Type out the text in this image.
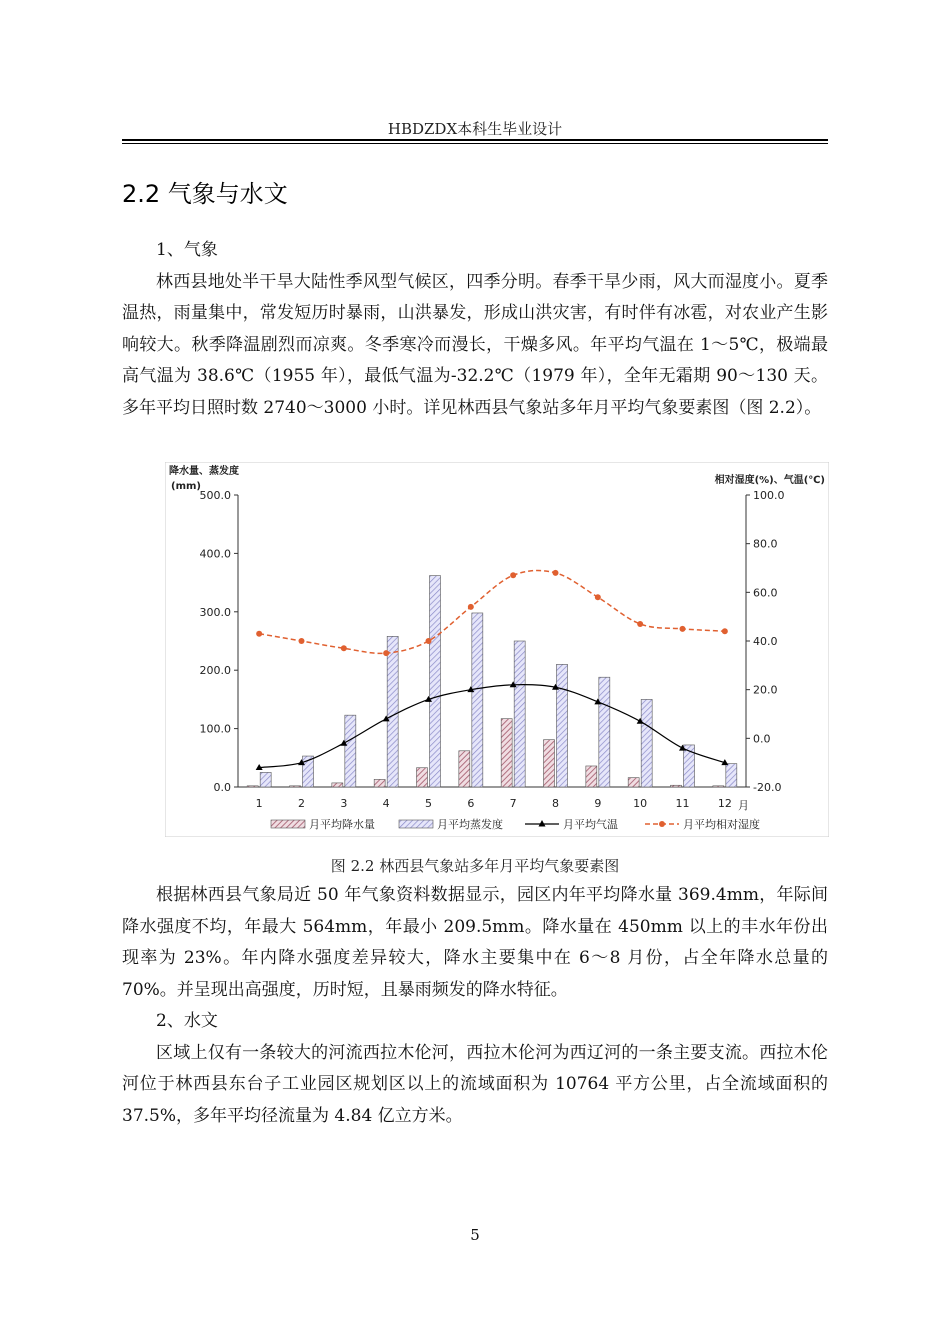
HBDZDX本科生毕业设计
2.2 气象与水文

1、气象

林西县地处半干旱大陆性季风型气候区，四季分明。春季干旱少雨，风大而湿度小。夏季温热，雨量集中，常发短历时暴雨，山洪暴发，形成山洪灾害，有时伴有冰雹，对农业产生影响较大。秋季降温剧烈而凉爽。冬季寒冷而漫长，干燥多风。年平均气温在 1～5℃，极端最高气温为 38.6℃（1955 年），最低气温为-32.2℃（1979 年），全年无霜期 90～130 天。多年平均日照时数 2740～3000 小时。详见林西县气象站多年月平均气象要素图（图 2.2）。

降水量、蒸发度
(mm)
相对湿度(%)、气温(℃)
0.0
100.0
200.0
300.0
400.0
500.0
-20.0
0.0
20.0
40.0
60.0
80.0
100.0
1	2	3	4	5	6	7	8	9	10	11	12 月
月平均降水量	月平均蒸发度	月平均气温	月平均相对湿度
图 2.2 林西县气象站多年月平均气象要素图

根据林西县气象局近 50 年气象资料数据显示，园区内年平均降水量 369.4mm，年际间降水强度不均，年最大 564mm，年最小 209.5mm。降水量在 450mm 以上的丰水年份出现率为 23%。年内降水强度差异较大，降水主要集中在 6～8 月份，占全年降水总量的 70%。并呈现出高强度，历时短，且暴雨频发的降水特征。

2、水文

区域上仅有一条较大的河流西拉木伦河，西拉木伦河为西辽河的一条主要支流。西拉木伦河位于林西县东台子工业园区规划区以上的流域面积为 10764 平方公里，占全流域面积的 37.5%，多年平均径流量为 4.84 亿立方米。

5
